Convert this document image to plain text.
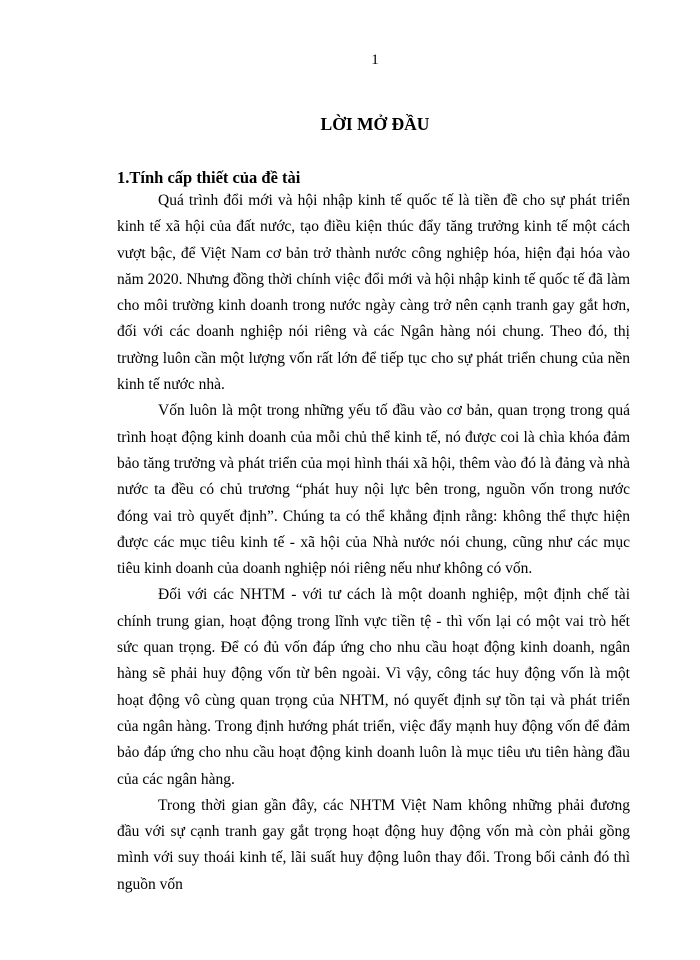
1
LỜI MỞ ĐẦU
1.Tính cấp thiết của đề tài

Quá trình đổi mới và hội nhập kinh tế quốc tế là tiền đề cho sự phát triển kinh tế xã hội của đất nước, tạo điều kiện thúc đẩy tăng trưởng kinh tế một cách vượt bậc, để Việt Nam cơ bản trở thành nước công nghiệp hóa, hiện đại hóa vào năm 2020. Nhưng đồng thời chính việc đổi mới và hội nhập kinh tế quốc tế đã làm cho môi trường kinh doanh trong nước ngày càng trở nên cạnh tranh gay gắt hơn, đối với các doanh nghiệp nói riêng và các Ngân hàng nói chung. Theo đó, thị trường luôn cần một lượng vốn rất lớn để tiếp tục cho sự phát triển chung của nền kinh tế nước nhà.

Vốn luôn là một trong những yếu tố đầu vào cơ bản, quan trọng trong quá trình hoạt động kinh doanh của mỗi chủ thể kinh tế, nó được coi là chìa khóa đảm bảo tăng trưởng và phát triển của mọi hình thái xã hội, thêm vào đó là đảng và nhà nước ta đều có chủ trương “phát huy nội lực bên trong, nguồn vốn trong nước đóng vai trò quyết định”. Chúng ta có thể khẳng định rằng: không thể thực hiện được các mục tiêu kinh tế - xã hội của Nhà nước nói chung, cũng như các mục tiêu kinh doanh của doanh nghiệp nói riêng nếu như không có vốn.

Đối với các NHTM - với tư cách là một doanh nghiệp, một định chế tài chính trung gian, hoạt động trong lĩnh vực tiền tệ - thì vốn lại có một vai trò hết sức quan trọng. Để có đủ vốn đáp ứng cho nhu cầu hoạt động kinh doanh, ngân hàng sẽ phải huy động vốn từ bên ngoài. Vì vậy, công tác huy động vốn là một hoạt động vô cùng quan trọng của NHTM, nó quyết định sự tồn tại và phát triển của ngân hàng. Trong định hướng phát triển, việc đẩy mạnh huy động vốn để đảm bảo đáp ứng cho nhu cầu hoạt động kinh doanh luôn là mục tiêu ưu tiên hàng đầu của các ngân hàng.

Trong thời gian gần đây, các NHTM Việt Nam không những phải đương đầu với sự cạnh tranh gay gắt trọng hoạt động huy động vốn mà còn phải gồng mình với suy thoái kinh tế, lãi suất huy động luôn thay đổi. Trong bối cảnh đó thì nguồn vốn
